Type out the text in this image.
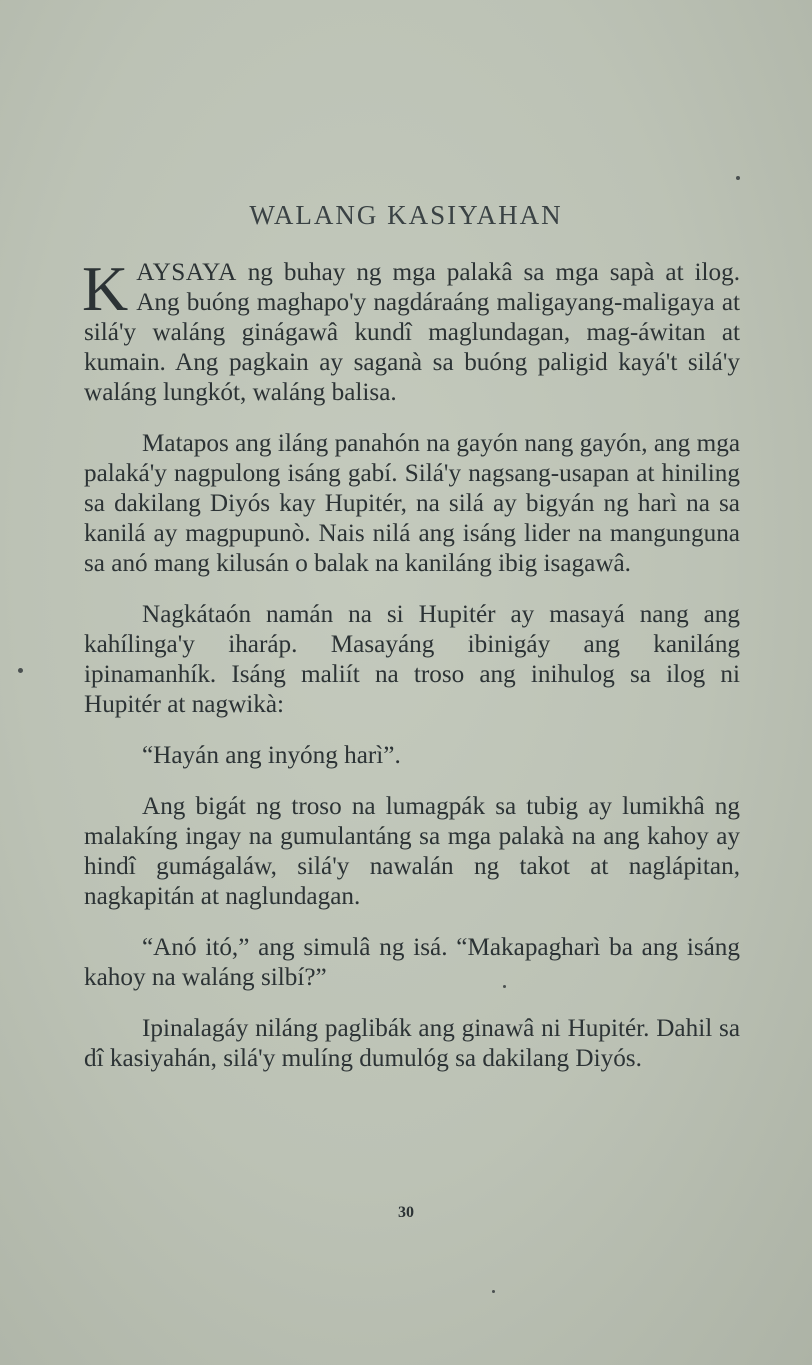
WALANG KASIYAHAN

KAYSAYA ng buhay ng mga palakâ sa mga sapà at ilog. Ang buóng maghapo'y nagdáraáng maligayang-maligaya at silá'y waláng ginágawâ kundî maglundagan, mag-áwitan at kumain. Ang pagkain ay saganà sa buóng paligid kayá't silá'y waláng lungkót, waláng balisa.

Matapos ang iláng panahón na gayón nang gayón, ang mga palaká'y nagpulong isáng gabí. Silá'y nagsang-usapan at hiniling sa dakilang Diyós kay Hupitér, na silá ay bigyán ng harì na sa kanilá ay magpupunò. Nais nilá ang isáng lider na mangunguna sa anó mang kilusán o balak na kaniláng ibig isagawâ.

Nagkátaón namán na si Hupitér ay masayá nang ang kahílinga'y iharáp. Masayáng ibinigáy ang kaniláng ipinamanhík. Isáng maliít na troso ang inihulog sa ilog ni Hupitér at nagwikà:

“Hayán ang inyóng harì”.

Ang bigát ng troso na lumagpák sa tubig ay lumikhâ ng malakíng ingay na gumulantáng sa mga palakà na ang kahoy ay hindî gumágaláw, silá'y nawalán ng takot at naglápitan, nagkapitán at naglundagan.

“Anó itó,” ang simulâ ng isá. “Makapagharì ba ang isáng kahoy na waláng silbí?”

Ipinalagáy niláng paglibák ang ginawâ ni Hupitér. Dahil sa dî kasiyahán, silá'y mulíng dumulóg sa dakilang Diyós.

30
